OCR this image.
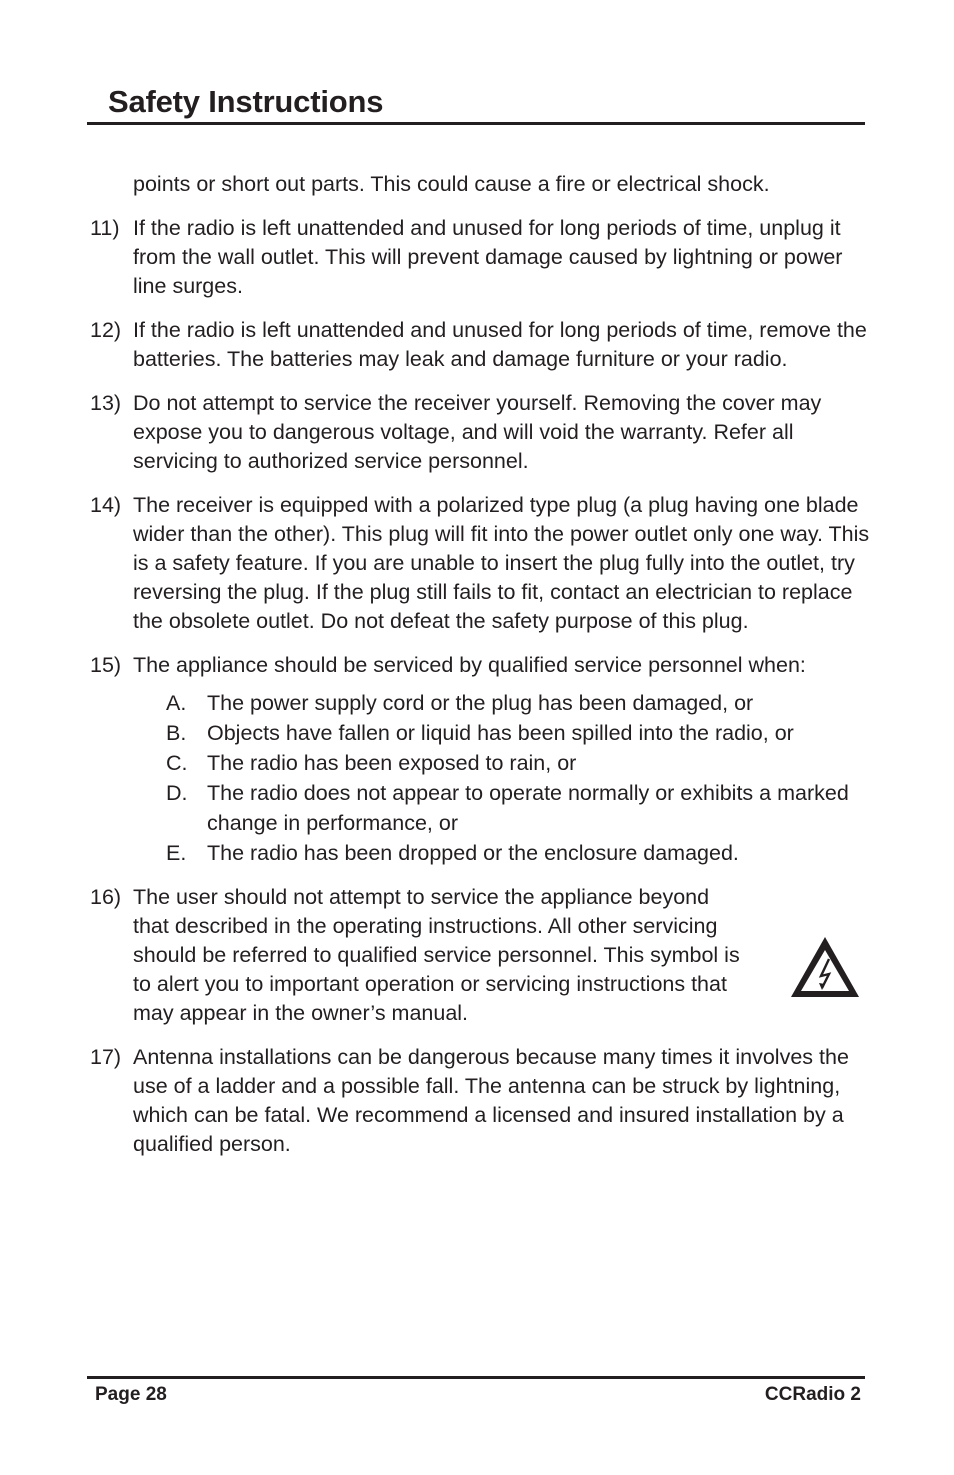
Safety Instructions
points or short out parts. This could cause a fire or electrical shock.
11) If the radio is left unattended and unused for long periods of time, unplug it from the wall outlet. This will prevent damage caused by lightning or power line surges.
12) If the radio is left unattended and unused for long periods of time, remove the batteries. The batteries may leak and damage furniture or your radio.
13) Do not attempt to service the receiver yourself. Removing the cover may expose you to dangerous voltage, and will void the warranty. Refer all servicing to authorized service personnel.
14) The receiver is equipped with a polarized type plug (a plug having one blade wider than the other). This plug will fit into the power outlet only one way. This is a safety feature. If you are unable to insert the plug fully into the outlet, try reversing the plug. If the plug still fails to fit, contact an electrician to replace the obsolete outlet. Do not defeat the safety purpose of this plug.
15) The appliance should be serviced by qualified service personnel when:
A. The power supply cord or the plug has been damaged, or
B. Objects have fallen or liquid has been spilled into the radio, or
C. The radio has been exposed to rain, or
D. The radio does not appear to operate normally or exhibits a marked change in performance, or
E. The radio has been dropped or the enclosure damaged.
16) The user should not attempt to service the appliance beyond that described in the operating instructions. All other servicing should be referred to qualified service personnel. This symbol is to alert you to important operation or servicing instructions that may appear in the owner’s manual.
17) Antenna installations can be dangerous because many times it involves the use of a ladder and a possible fall. The antenna can be struck by lightning, which can be fatal. We recommend a licensed and insured installation by a qualified person.
Page 28	CCRadio 2
